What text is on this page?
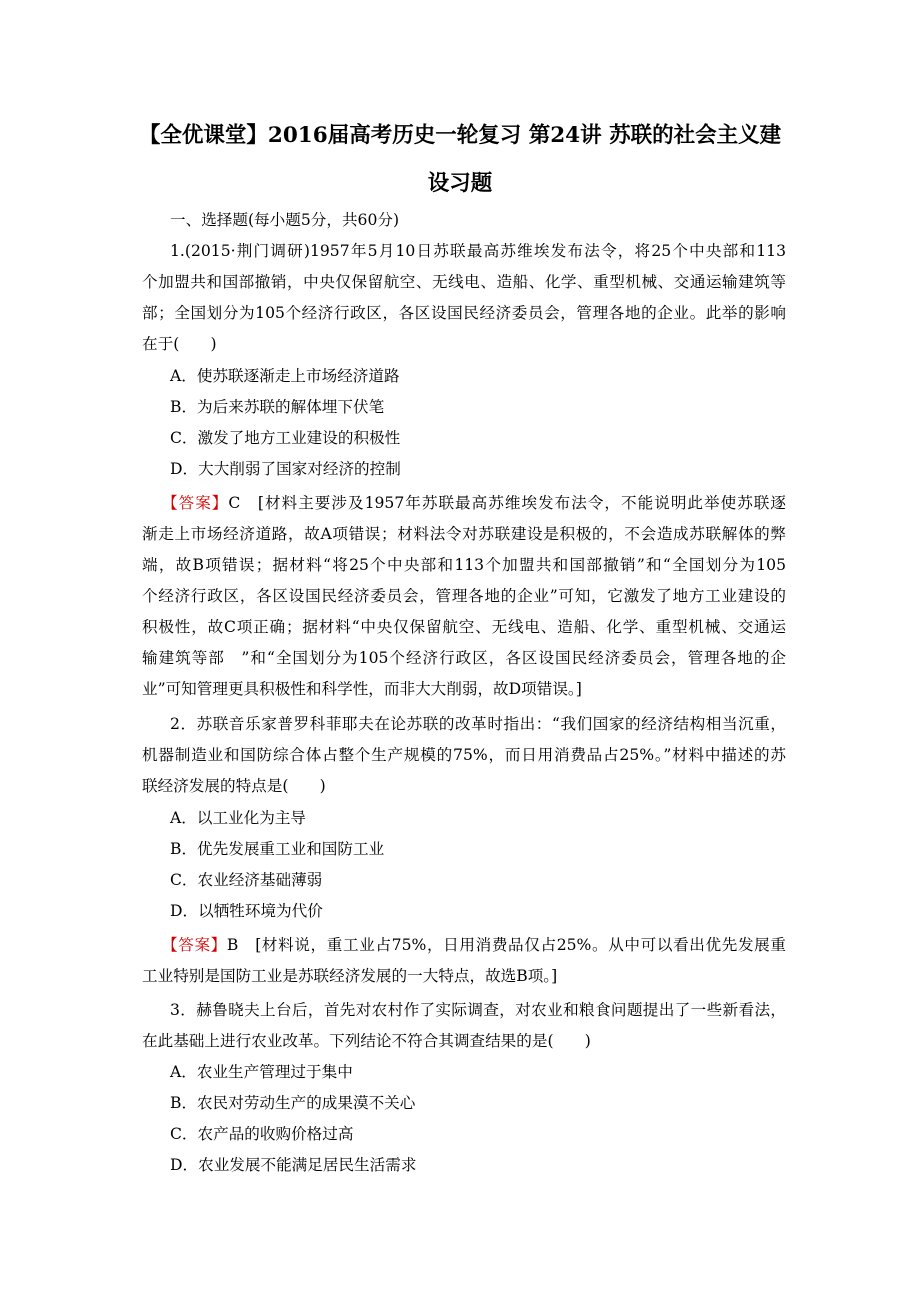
【全优课堂】2016届高考历史一轮复习 第24讲 苏联的社会主义建
设习题
一、选择题(每小题5分，共60分)
1.(2015·荆门调研)1957年5月10日苏联最高苏维埃发布法令，将25个中央部和113
个加盟共和国部撤销，中央仅保留航空、无线电、造船、化学、重型机械、交通运输建筑等
部；全国划分为105个经济行政区，各区设国民经济委员会，管理各地的企业。此举的影响
在于(　　)
A．使苏联逐渐走上市场经济道路
B．为后来苏联的解体埋下伏笔
C．激发了地方工业建设的积极性
D．大大削弱了国家对经济的控制
【答案】C　[材料主要涉及1957年苏联最高苏维埃发布法令，不能说明此举使苏联逐
渐走上市场经济道路，故A项错误；材料法令对苏联建设是积极的，不会造成苏联解体的弊
端，故B项错误；据材料“将25个中央部和113个加盟共和国部撤销”和“全国划分为105
个经济行政区，各区设国民经济委员会，管理各地的企业”可知，它激发了地方工业建设的
积极性，故C项正确；据材料“中央仅保留航空、无线电、造船、化学、重型机械、交通运
输建筑等部　”和“全国划分为105个经济行政区，各区设国民经济委员会，管理各地的企
业”可知管理更具积极性和科学性，而非大大削弱，故D项错误。]
2．苏联音乐家普罗科菲耶夫在论苏联的改革时指出：“我们国家的经济结构相当沉重，
机器制造业和国防综合体占整个生产规模的75%，而日用消费品占25%。”材料中描述的苏
联经济发展的特点是(　　)
A．以工业化为主导
B．优先发展重工业和国防工业
C．农业经济基础薄弱
D．以牺牲环境为代价
【答案】B　[材料说，重工业占75%，日用消费品仅占25%。从中可以看出优先发展重
工业特别是国防工业是苏联经济发展的一大特点，故选B项。]
3．赫鲁晓夫上台后，首先对农村作了实际调查，对农业和粮食问题提出了一些新看法，
在此基础上进行农业改革。下列结论不符合其调查结果的是(　　)
A．农业生产管理过于集中
B．农民对劳动生产的成果漠不关心
C．农产品的收购价格过高
D．农业发展不能满足居民生活需求
